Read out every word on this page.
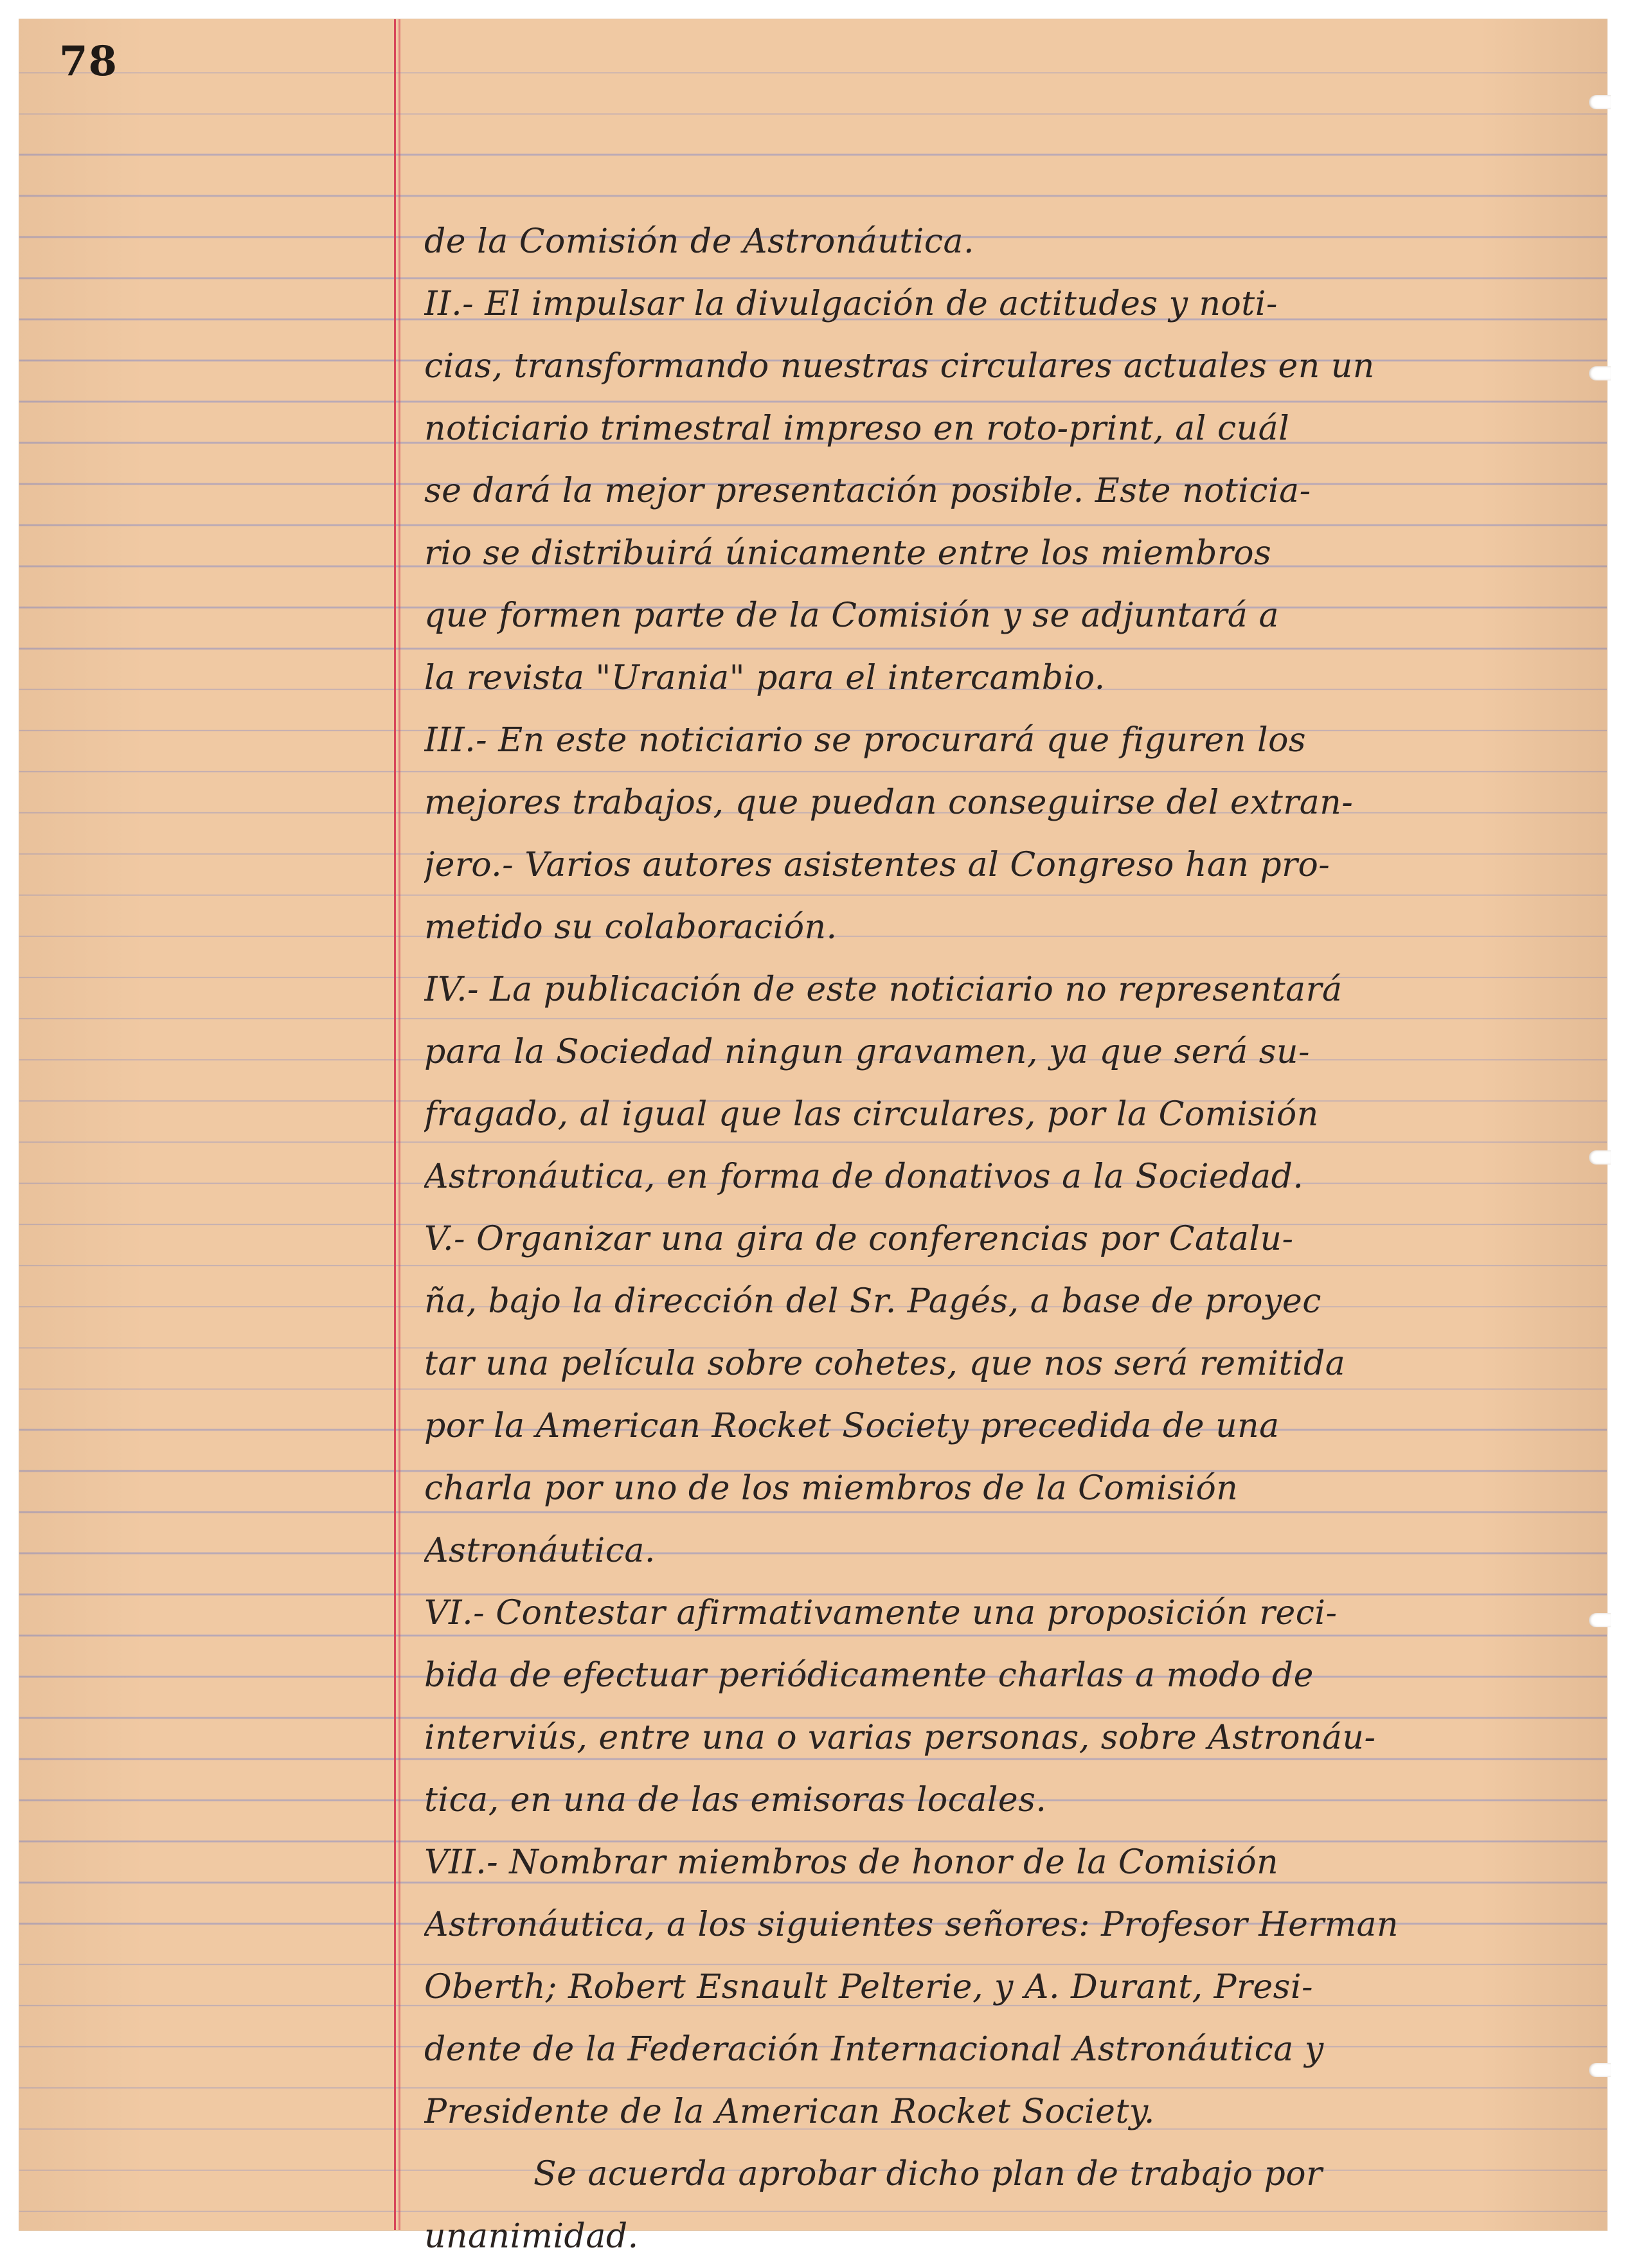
78
de la Comisión de Astronáutica.
II.- El impulsar la divulgación de actitudes y noti-
cias, transformando nuestras circulares actuales en un
noticiario trimestral impreso en roto-print, al cuál
se dará la mejor presentación posible. Este noticia-
rio se distribuirá únicamente entre los miembros
que formen parte de la Comisión y se adjuntará a
la revista "Urania" para el intercambio.
III.- En este noticiario se procurará que figuren los
mejores trabajos, que puedan conseguirse del extran-
jero.- Varios autores asistentes al Congreso han pro-
metido su colaboración.
IV.- La publicación de este noticiario no representará
para la Sociedad ningun gravamen, ya que será su-
fragado, al igual que las circulares, por la Comisión
Astronáutica, en forma de donativos a la Sociedad.
V.- Organizar una gira de conferencias por Catalu-
ña, bajo la dirección del Sr. Pagés, a base de proyec
tar una película sobre cohetes, que nos será remitida
por la American Rocket Society precedida de una
charla por uno de los miembros de la Comisión
Astronáutica.
VI.- Contestar afirmativamente una proposición reci-
bida de efectuar periódicamente charlas a modo de
interviús, entre una o varias personas, sobre Astronáu-
tica, en una de las emisoras locales.
VII.- Nombrar miembros de honor de la Comisión
Astronáutica, a los siguientes señores: Profesor Herman
Oberth; Robert Esnault Pelterie, y A. Durant, Presi-
dente de la Federación Internacional Astronáutica y
Presidente de la American Rocket Society.
Se acuerda aprobar dicho plan de trabajo por
unanimidad.
